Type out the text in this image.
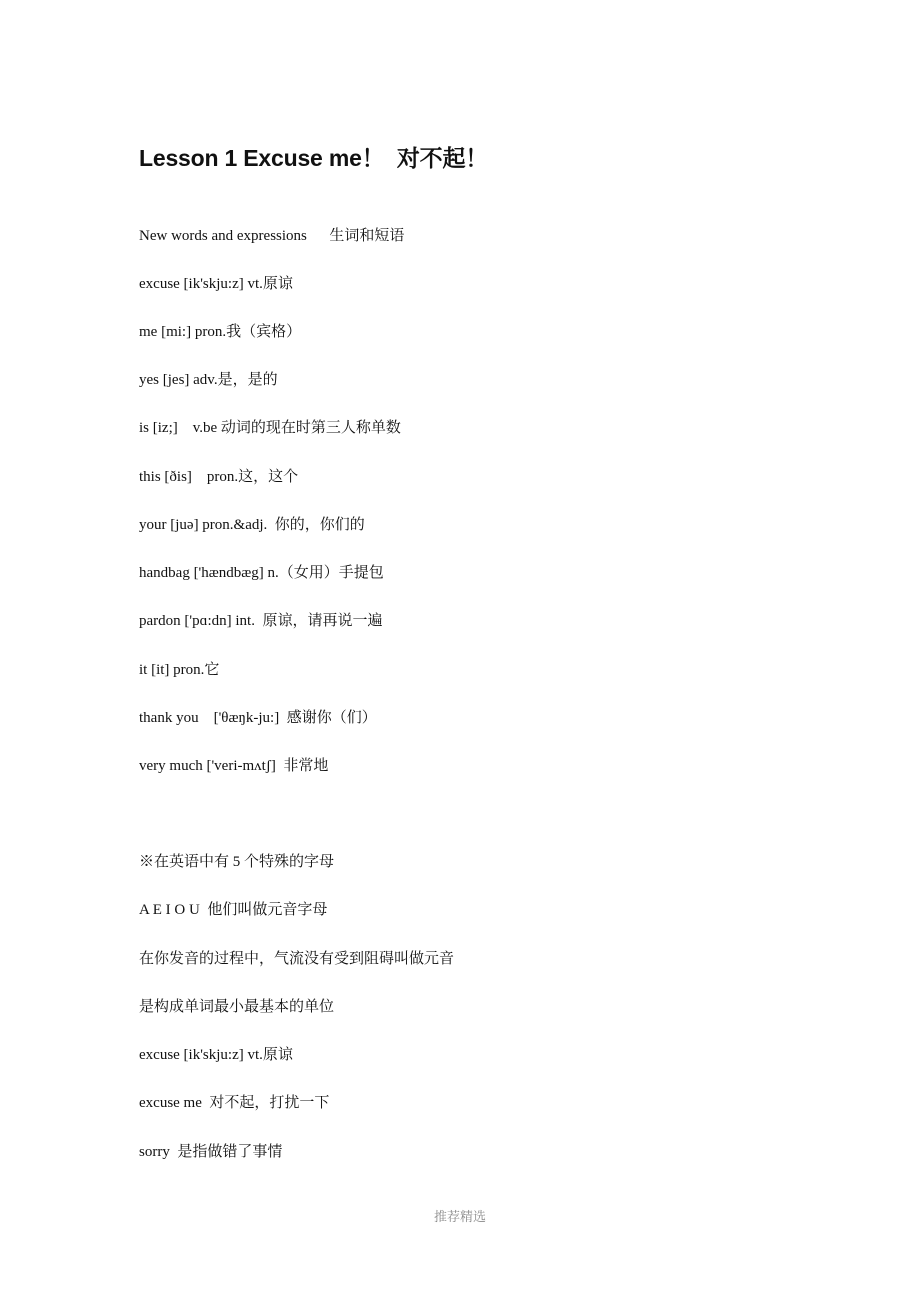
Lesson 1 Excuse me！  对不起！

New words and expressions      生词和短语

excuse [ik'skju:z] vt.原谅

me [mi:] pron.我（宾格）

yes [jes] adv.是，是的

is [iz;]    v.be 动词的现在时第三人称单数

this [ðis]    pron.这，这个

your [juə] pron.&adj.  你的，你们的

handbag ['hændbæg] n.（女用）手提包

pardon ['pɑ:dn] int.  原谅，请再说一遍

it [it] pron.它

thank you    ['θæŋk-ju:]  感谢你（们）

very much ['veri-mʌtʃ]  非常地

※在英语中有 5 个特殊的字母

A E I O U  他们叫做元音字母

在你发音的过程中，气流没有受到阻碍叫做元音

是构成单词最小最基本的单位

excuse [ik'skju:z] vt.原谅

excuse me  对不起，打扰一下

sorry  是指做错了事情

推荐精选
